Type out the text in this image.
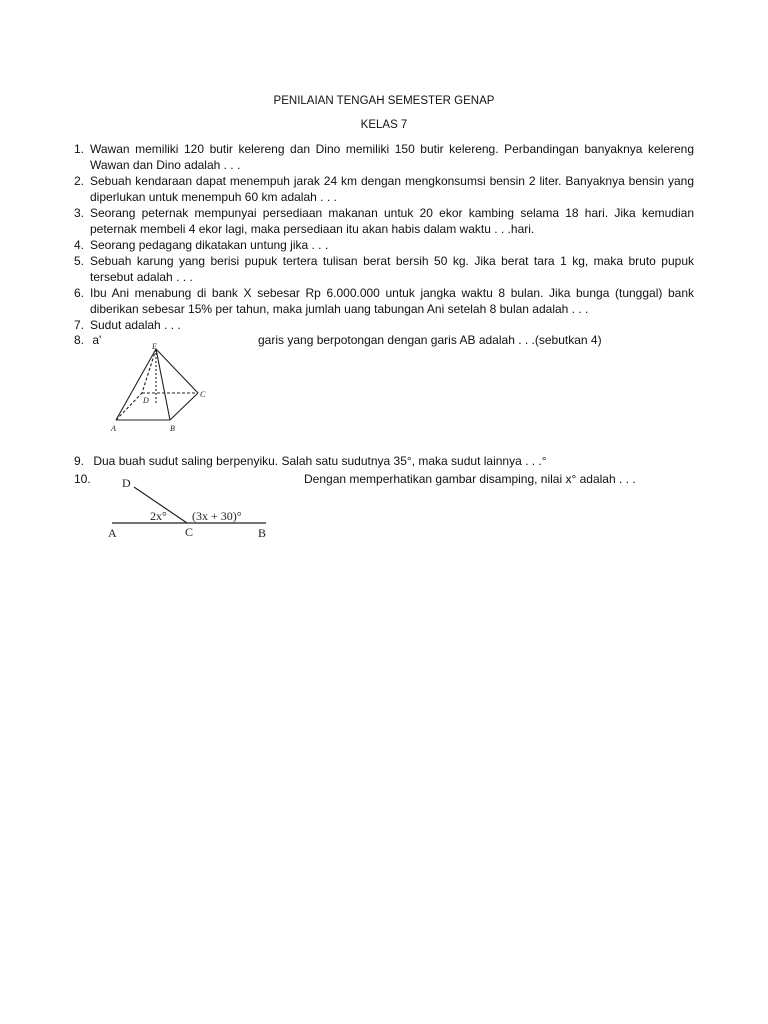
PENILAIAN TENGAH SEMESTER GENAP
KELAS 7
1. Wawan memiliki 120 butir kelereng dan Dino memiliki 150 butir kelereng. Perbandingan banyaknya kelereng Wawan dan Dino adalah . . .
2. Sebuah kendaraan dapat menempuh jarak 24 km dengan mengkonsumsi bensin 2 liter. Banyaknya bensin yang diperlukan untuk menempuh 60 km adalah . . .
3. Seorang peternak mempunyai persediaan makanan untuk 20 ekor kambing selama 18 hari. Jika kemudian peternak membeli 4 ekor lagi, maka persediaan itu akan habis dalam waktu . . .hari.
4. Seorang pedagang dikatakan untung jika . . .
5. Sebuah karung yang berisi pupuk tertera tulisan berat bersih 50 kg. Jika berat tara 1 kg, maka bruto pupuk tersebut adalah . . .
6. Ibu Ani menabung di bank X sebesar Rp 6.000.000 untuk jangka waktu 8 bulan. Jika bunga (tunggal) bank diberikan sebesar 15% per tahun, maka jumlah uang tabungan Ani setelah 8 bulan adalah . . .
7. Sudut adalah . . .
8. a'	garis yang berpotongan dengan garis AB adalah . . .(sebutkan 4)
E
D
C
A	B
9. Dua buah sudut saling berpenyiku. Salah satu sudutnya 35°, maka sudut lainnya . . .°
10.	Dengan memperhatikan gambar disamping, nilai x° adalah . . .
D
A	C	B
2x° (3x + 30)°
